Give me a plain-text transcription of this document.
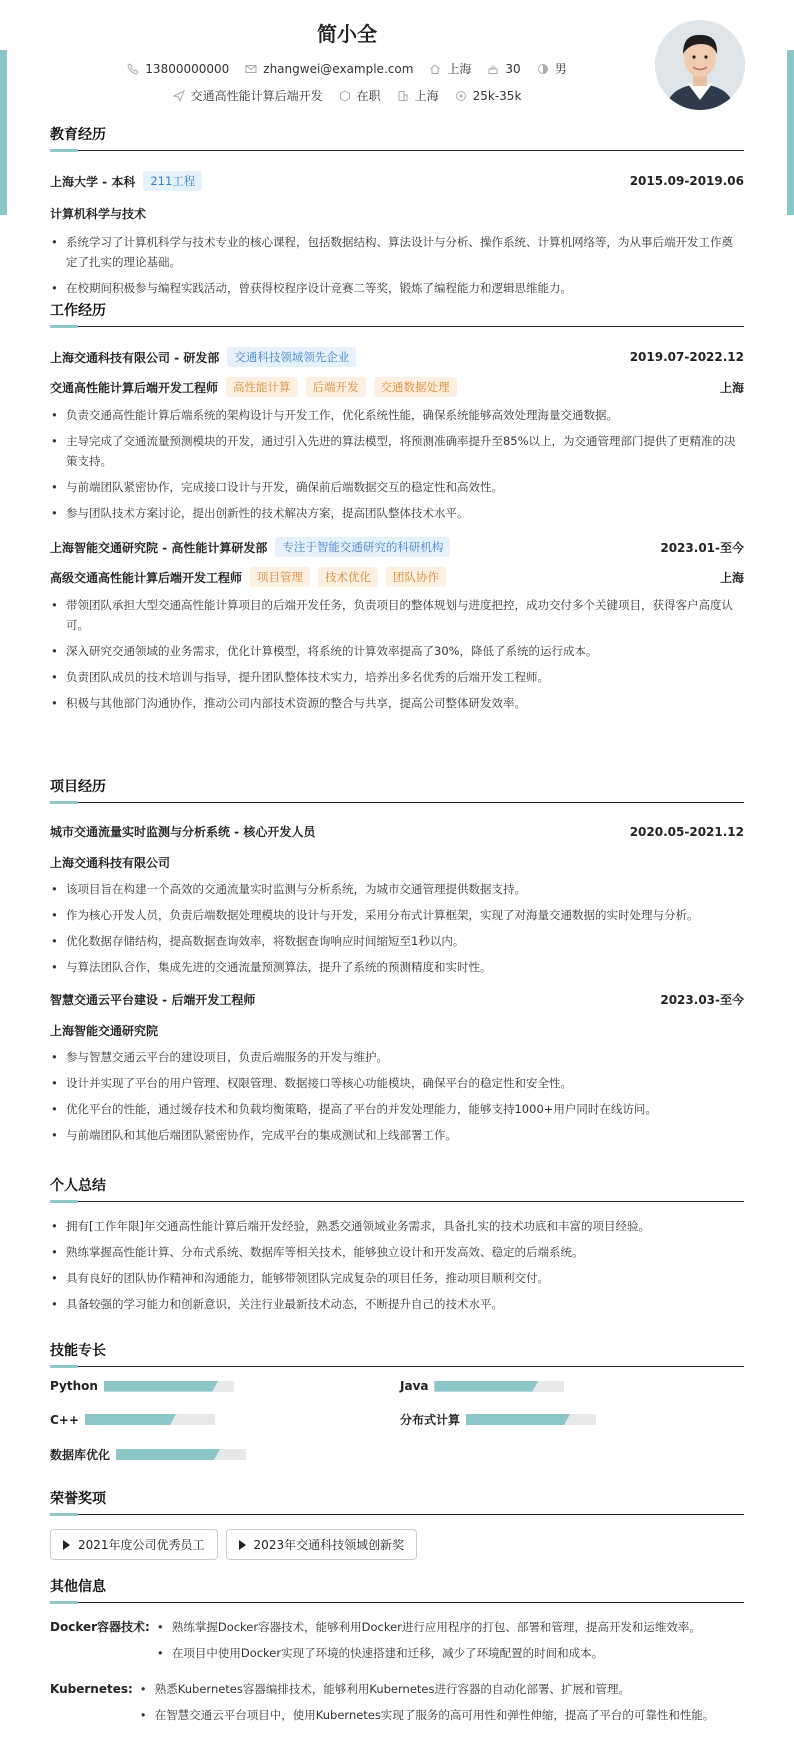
简小全
13800000000	zhangwei@example.com	上海	30	男
交通高性能计算后端开发	在职	上海	25k-35k
教育经历
上海大学 - 本科	211工程	2015.09-2019.06
计算机科学与技术
• 系统学习了计算机科学与技术专业的核心课程，包括数据结构、算法设计与分析、操作系统、计算机网络等，为从事后端开发工作奠定了扎实的理论基础。
• 在校期间积极参与编程实践活动，曾获得校程序设计竞赛二等奖，锻炼了编程能力和逻辑思维能力。
工作经历
上海交通科技有限公司 - 研发部	交通科技领域领先企业	2019.07-2022.12
交通高性能计算后端开发工程师	高性能计算	后端开发	交通数据处理	上海
• 负责交通高性能计算后端系统的架构设计与开发工作，优化系统性能，确保系统能够高效处理海量交通数据。
• 主导完成了交通流量预测模块的开发，通过引入先进的算法模型，将预测准确率提升至85%以上，为交通管理部门提供了更精准的决策支持。
• 与前端团队紧密协作，完成接口设计与开发，确保前后端数据交互的稳定性和高效性。
• 参与团队技术方案讨论，提出创新性的技术解决方案，提高团队整体技术水平。
上海智能交通研究院 - 高性能计算研发部	专注于智能交通研究的科研机构	2023.01-至今
高级交通高性能计算后端开发工程师	项目管理	技术优化	团队协作	上海
• 带领团队承担大型交通高性能计算项目的后端开发任务，负责项目的整体规划与进度把控，成功交付多个关键项目，获得客户高度认可。
• 深入研究交通领域的业务需求，优化计算模型，将系统的计算效率提高了30%，降低了系统的运行成本。
• 负责团队成员的技术培训与指导，提升团队整体技术实力，培养出多名优秀的后端开发工程师。
• 积极与其他部门沟通协作，推动公司内部技术资源的整合与共享，提高公司整体研发效率。
项目经历
城市交通流量实时监测与分析系统 - 核心开发人员	2020.05-2021.12
上海交通科技有限公司
• 该项目旨在构建一个高效的交通流量实时监测与分析系统，为城市交通管理提供数据支持。
• 作为核心开发人员，负责后端数据处理模块的设计与开发，采用分布式计算框架，实现了对海量交通数据的实时处理与分析。
• 优化数据存储结构，提高数据查询效率，将数据查询响应时间缩短至1秒以内。
• 与算法团队合作，集成先进的交通流量预测算法，提升了系统的预测精度和实时性。
智慧交通云平台建设 - 后端开发工程师	2023.03-至今
上海智能交通研究院
• 参与智慧交通云平台的建设项目，负责后端服务的开发与维护。
• 设计并实现了平台的用户管理、权限管理、数据接口等核心功能模块，确保平台的稳定性和安全性。
• 优化平台的性能，通过缓存技术和负载均衡策略，提高了平台的并发处理能力，能够支持1000+用户同时在线访问。
• 与前端团队和其他后端团队紧密协作，完成平台的集成测试和上线部署工作。
个人总结
• 拥有[工作年限]年交通高性能计算后端开发经验，熟悉交通领域业务需求，具备扎实的技术功底和丰富的项目经验。
• 熟练掌握高性能计算、分布式系统、数据库等相关技术，能够独立设计和开发高效、稳定的后端系统。
• 具有良好的团队协作精神和沟通能力，能够带领团队完成复杂的项目任务，推动项目顺利交付。
• 具备较强的学习能力和创新意识，关注行业最新技术动态，不断提升自己的技术水平。
技能专长
Python	Java
C++	分布式计算
数据库优化
荣誉奖项
2021年度公司优秀员工	2023年交通科技领域创新奖
其他信息
Docker容器技术:	• 熟练掌握Docker容器技术，能够利用Docker进行应用程序的打包、部署和管理，提高开发和运维效率。
• 在项目中使用Docker实现了环境的快速搭建和迁移，减少了环境配置的时间和成本。
Kubernetes:	• 熟悉Kubernetes容器编排技术，能够利用Kubernetes进行容器的自动化部署、扩展和管理。
• 在智慧交通云平台项目中，使用Kubernetes实现了服务的高可用性和弹性伸缩，提高了平台的可靠性和性能。
